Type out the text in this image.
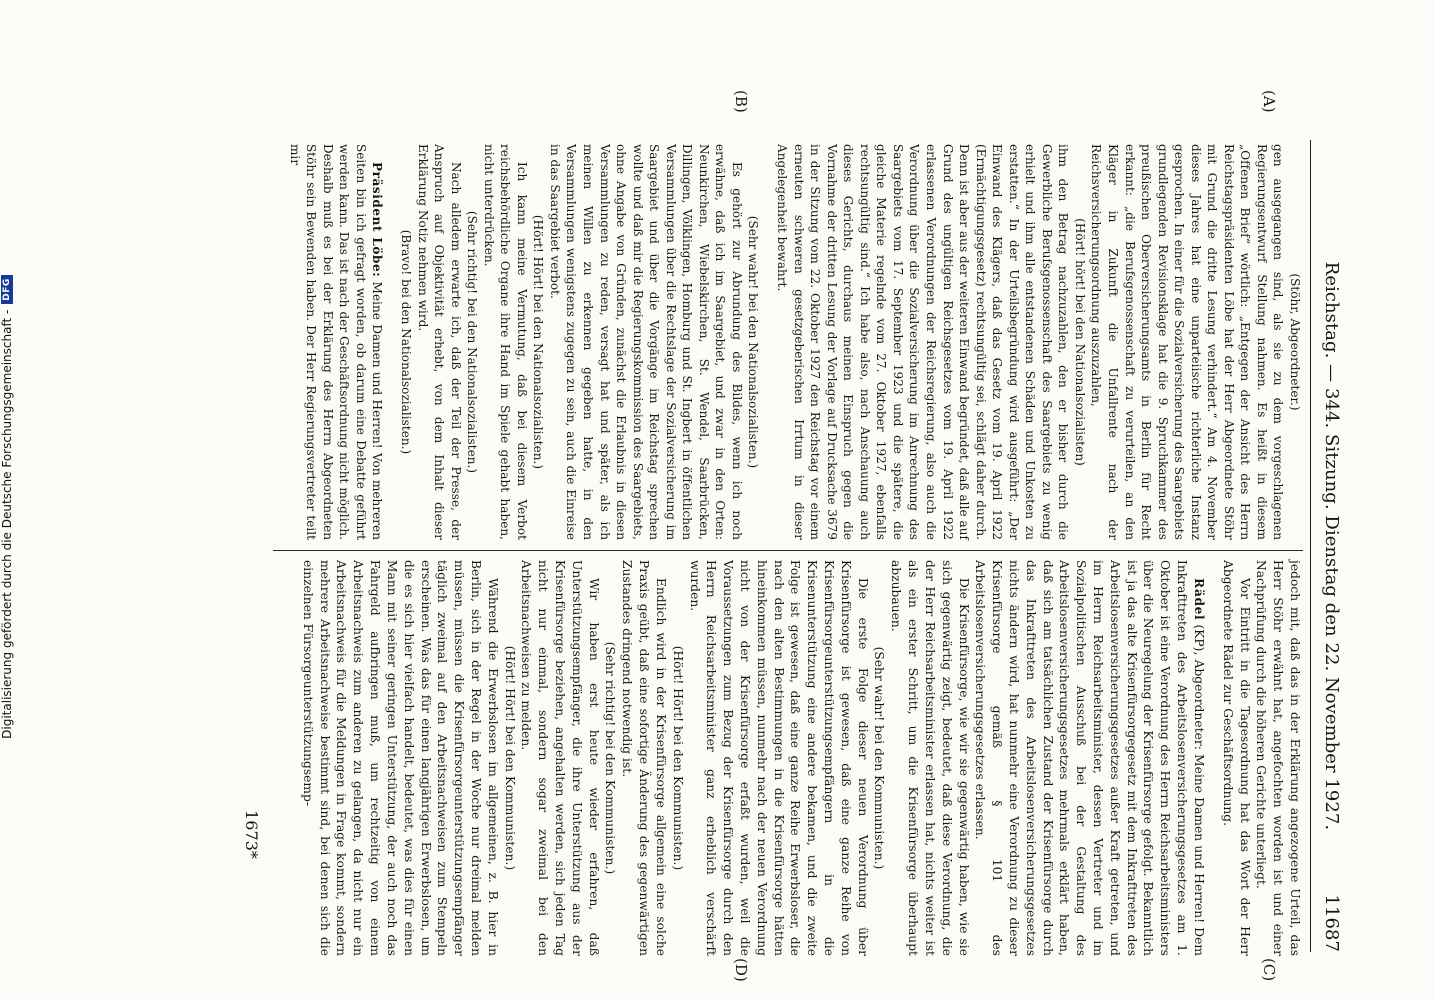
Reichstag. — 344. Sitzung. Dienstag den 22. November 1927.
11687

(Stöhr, Abgeordneter.)

gen ausgegangen sind, als sie zu dem vorgeschlagenen Regierungsentwurf Stellung nahmen. Es heißt in diesem „Offenen Brief“ wörtlich: „Entgegen der Ansicht des Herrn Reichstagspräsidenten Löbe hat der Herr Abgeordnete Stöhr mit Grund die dritte Lesung verhindert.“ Am 4. November dieses Jahres hat eine unparteiische richterliche Instanz gesprochen. In einer für die Sozialversicherung des Saargebiets grundlegenden Revisionsklage hat die 9. Spruchkammer des preußischen Oberversicherungsamts in Berlin für Recht erkannt: „die Berufsgenossenschaft zu verurteilen, an den Kläger in Zukunft die Unfallrente nach der Reichsversicherungsordnung auszuzahlen,

(Hört! hört! bei den Nationalsozialisten)

ihm den Betrag nachzuzahlen, den er bisher durch die Gewerbliche Berufsgenossenschaft des Saargebiets zu wenig erhielt und ihm alle entstandenen Schäden und Unkosten zu erstatten.“ In der Urteilsbegründung wird ausgeführt: „Der Einwand des Klägers, daß das Gesetz vom 19. April 1922 (Ermächtigungsgesetz) rechtsungültig sei, schlägt daher durch. Denn ist aber aus der weiteren Einwand begründet, daß alle auf Grund des ungültigen Reichsgesetzes vom 19. April 1922 erlassenen Verordnungen der Reichsregierung, also auch die Verordnung über die Sozialversicherung im Anrechnung des Saargebiets vom 17. September 1923 und die spätere, die gleiche Materie regelnde vom 27. Oktober 1927, ebenfalls rechtsungültig sind.“ Ich habe also, nach Anschauung auch dieses Gerichts, durchaus meinen Einspruch gegen die Vornahme der dritten Lesung der Vorlage auf Drucksache 3679 in der Sitzung vom 22. Oktober 1927 den Reichstag vor einem erneuten schweren gesetzgeberischen Irrtum in dieser Angelegenheit bewahrt.

(Sehr wahr! bei den Nationalsozialisten.)

Es gehört zur Abrundung des Bildes, wenn ich noch erwähne, daß ich im Saargebiet, und zwar in den Orten: Neunkirchen, Wiebelskirchen, St. Wendel, Saarbrücken, Dillingen, Völklingen, Homburg und St. Ingbert in öffentlichen Versammlungen über die Rechtslage der Sozialversicherung im Saargebiet und über die Vorgänge im Reichstag sprechen wollte und daß mir die Regierungskommission des Saargebiets, ohne Angabe von Gründen, zunächst die Erlaubnis in diesen Versammlungen zu reden, versagt hat und später, als ich meinen Willen zu erkennen gegeben hatte, in den Versammlungen wenigstens zugegen zu sein, auch die Einreise in das Saargebiet verbot.

(Hört! Hört! bei den Nationalsozialisten.)

Ich kann meine Vermutung, daß bei diesem Verbot reichsbehördliche Organe ihre Hand im Spiele gehabt haben, nicht unterdrücken.

(Sehr richtig! bei den Nationalsozialisten.)

Nach alledem erwarte ich, daß der Teil der Presse, der Anspruch auf Objektivität erhebt, von dem Inhalt dieser Erklärung Notiz nehmen wird.

(Bravo! bei den Nationalsozialisten.)

Präsident Löbe: Meine Damen und Herren! Von mehreren Seiten bin ich gefragt worden, ob darum eine Debatte geführt werden kann. Das ist nach der Geschäftsordnung nicht möglich. Deshalb muß es bei der Erklärung des Herrn Abgeordneten Stöhr sein Bewenden haben. Der Herr Regierungsvertreter teilt mir

jedoch mit, daß das in der Erklärung angezogene Urteil, das Herr Stöhr erwähnt hat, angefochten worden ist und einer Nachprüfung durch die höheren Gerichte unterliegt.

Vor Eintritt in die Tagesordnung hat das Wort der Herr Abgeordnete Rädel zur Geschäftsordnung.

Rädel (KP), Abgeordneter: Meine Damen und Herren! Dem Inkrafttreten des Arbeitslosenversicherungsgesetzes am 1. Oktober ist eine Verordnung des Herrn Reichsarbeitsministers über die Neuregelung der Krisenfürsorge gefolgt. Bekanntlich ist ja das alte Krisenfürsorgegesetz mit dem Inkrafttreten des Arbeitslosenversicherungsgesetzes außer Kraft getreten, und im Herrn Reichsarbeitsminister, dessen Vertreter und im Sozialpolitischen Ausschuß bei der Gestaltung des Arbeitslosenversicherungsgesetzes mehrmals erklärt haben, daß sich am tatsächlichen Zustand der Krisenfürsorge durch das Inkrafttreten des Arbeitslosenversicherungsgesetzes nichts ändern wird, hat nunmehr eine Verordnung zu dieser Krisenfürsorge gemäß § 101 des Arbeitslosenversicherungsgesetzes erlassen.

Die Krisenfürsorge, wie wir sie gegenwärtig haben, wie sie sich gegenwärtig zeigt, bedeutet, daß diese Verordnung, die der Herr Reichsarbeitsminister erlassen hat, nichts weiter ist als ein erster Schritt, um die Krisenfürsorge überhaupt abzubauen.

(Sehr wahr! bei den Kommunisten.)

Die erste Folge dieser neuen Verordnung über Krisenfürsorge ist gewesen, daß eine ganze Reihe von Krisenfürsorgeunterstützungsempfängern in die Krisenunterstützung eine andere bekamen, und die zweite Folge ist gewesen, daß eine ganze Reihe Erwerbsloser, die nach den alten Bestimmungen in die Krisenfürsorge hätten hineinkommen müssen, nunmehr nach der neuen Verordnung nicht von der Krisenfürsorge erfaßt wurden, weil die Voraussetzungen zum Bezug der Krisenfürsorge durch den Herrn Reichsarbeitsminister ganz erheblich verschärft wurden.

(Hört! Hört! bei den Kommunisten.)

Endlich wird in der Krisenfürsorge allgemein eine solche Praxis geübt, daß eine sofortige Änderung des gegenwärtigen Zustandes dringend notwendig ist.

(Sehr richtig! bei den Kommunisten.)

Wir haben erst heute wieder erfahren, daß Unterstützungsempfänger, die ihre Unterstützung aus der Krisenfürsorge beziehen, angehalten werden, sich jeden Tag nicht nur einmal, sondern sogar zweimal bei den Arbeitsnachweisen zu melden.

(Hört! Hört! bei den Kommunisten.)

Während die Erwerbslosen im allgemeinen, z. B. hier in Berlin, sich in der Regel in der Woche nur dreimal melden müssen, müssen die Krisenfürsorgeunterstützungsempfänger täglich zweimal auf den Arbeitsnachweisen zum Stempeln erscheinen. Was das für einen langjährigen Erwerbslosen, um die es sich hier vielfach handelt, bedeutet, was dies für einen Mann mit seiner geringen Unterstützung, der auch noch das Fahrgeld aufbringen muß, um rechtzeitig von einem Arbeitsnachweis zum anderen zu gelangen, da nicht nur ein Arbeitsnachweis für die Meldungen in Frage kommt, sondern mehrere Arbeitsnachweise bestimmt sind, bei denen sich die einzelnen Fürsorgeunterstützungsemp-

(A)
(B)
(C)
(D)
1673*
Digitalisierung gefördert durch die Deutsche Forschungsgemeinschaft -
DFG
